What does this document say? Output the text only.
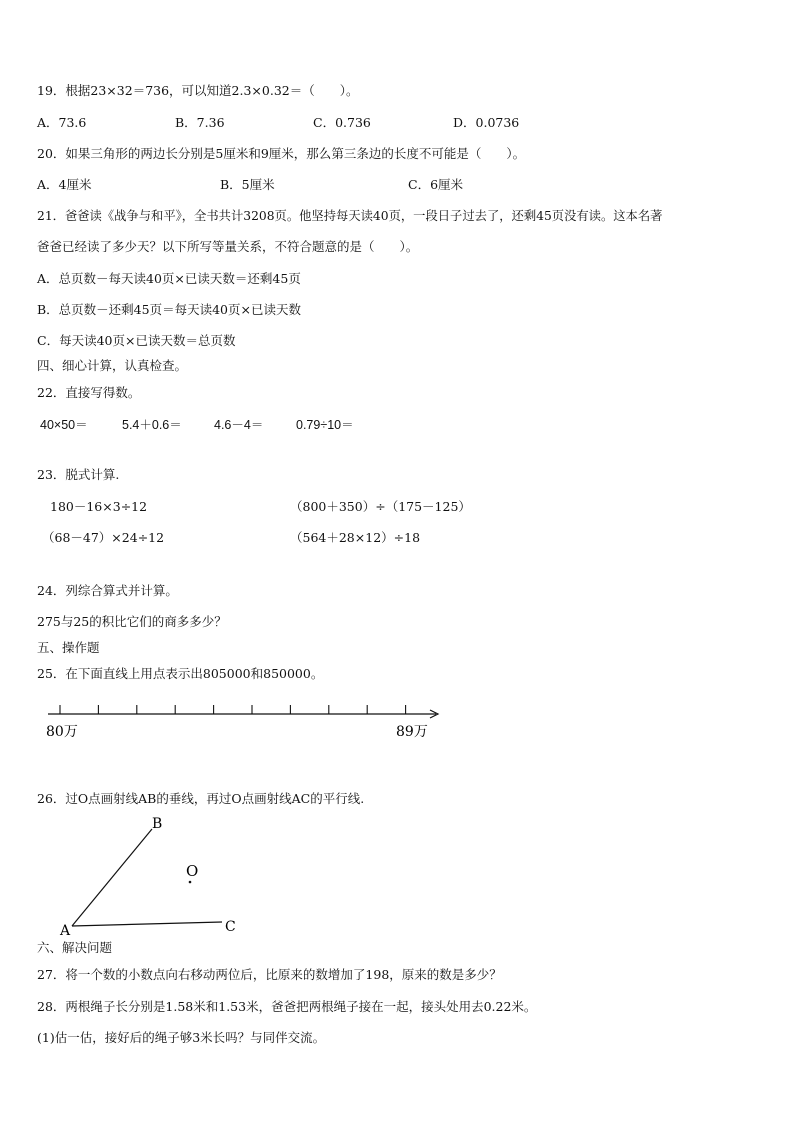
19．根据23×32＝736，可以知道2.3×0.32＝（　　）。
A．73.6	B．7.36	C．0.736	D．0.0736
20．如果三角形的两边长分别是5厘米和9厘米，那么第三条边的长度不可能是（　　）。
A．4厘米	B．5厘米	C．6厘米
21．爸爸读《战争与和平》，全书共计3208页。他坚持每天读40页，一段日子过去了，还剩45页没有读。这本名著
爸爸已经读了多少天？以下所写等量关系，不符合题意的是（　　）。
A．总页数－每天读40页×已读天数＝还剩45页
B．总页数－还剩45页＝每天读40页×已读天数
C．每天读40页×已读天数＝总页数
四、细心计算，认真检查。
22．直接写得数。
40×50＝	5.4＋0.6＝	4.6－4＝	0.79÷10＝
23．脱式计算.
180－16×3÷12	（800＋350）÷（175－125）
（68－47）×24÷12	（564＋28×12）÷18
24．列综合算式并计算。
275与25的积比它们的商多多少？
五、操作题
25．在下面直线上用点表示出805000和850000。
80万	89万
26．过O点画射线AB的垂线，再过O点画射线AC的平行线.
B
O
A	C
六、解决问题
27．将一个数的小数点向右移动两位后，比原来的数增加了198，原来的数是多少？
28．两根绳子长分别是1.58米和1.53米，爸爸把两根绳子接在一起，接头处用去0.22米。
(1)估一估，接好后的绳子够3米长吗？与同伴交流。
